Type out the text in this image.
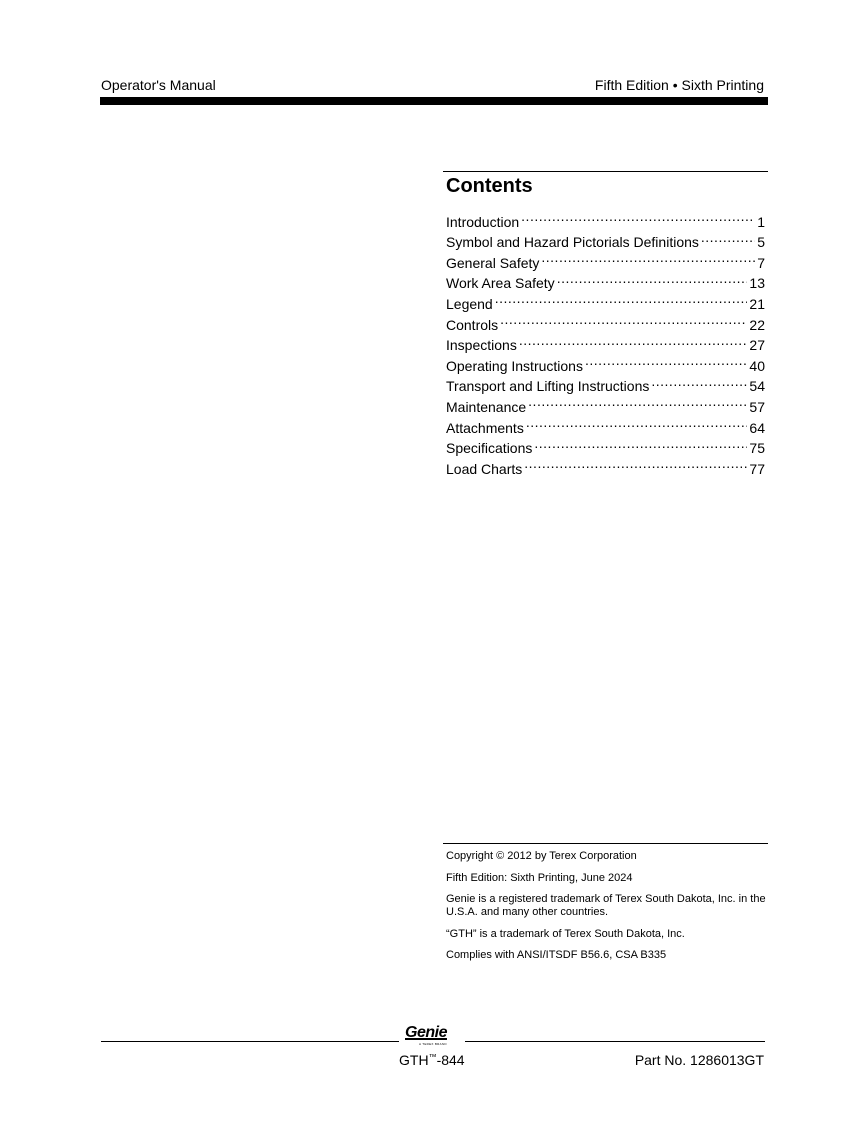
Operator's Manual	Fifth Edition • Sixth Printing
Contents
Introduction .....	1
Symbol and Hazard Pictorials Definitions .....	5
General Safety .....	7
Work Area Safety .....	13
Legend .....	21
Controls .....	22
Inspections .....	27
Operating Instructions .....	40
Transport and Lifting Instructions .....	54
Maintenance .....	57
Attachments .....	64
Specifications .....	75
Load Charts .....	77

Copyright © 2012 by Terex Corporation

Fifth Edition: Sixth Printing, June 2024

Genie is a registered trademark of Terex South Dakota, Inc. in the U.S.A. and many other countries.

“GTH” is a trademark of Terex South Dakota, Inc.

Complies with ANSI/ITSDF B56.6, CSA B335

Genie
A TEREX BRAND
GTH™-844	Part No. 1286013GT
